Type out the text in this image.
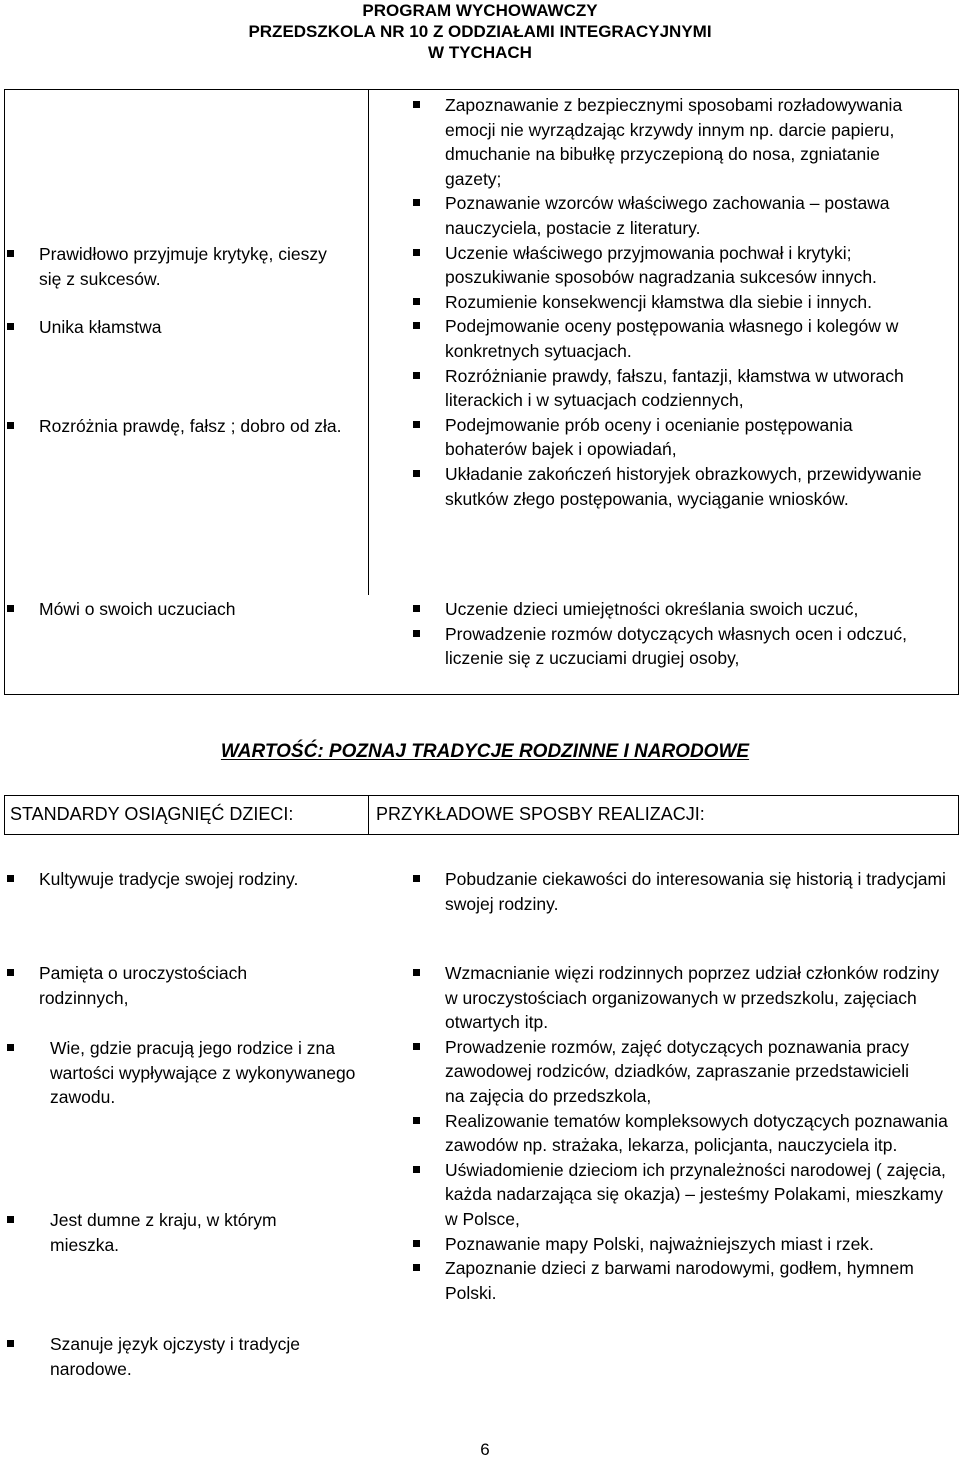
PROGRAM WYCHOWAWCZY
PRZEDSZKOLA NR 10 Z ODDZIAŁAMI INTEGRACYJNYMI
W TYCHACH
Prawidłowo przyjmuje krytykę, cieszy się z sukcesów.
Unika kłamstwa
Rozróżnia prawdę, fałsz ; dobro od zła.
Mówi o swoich uczuciach
Zapoznawanie z bezpiecznymi sposobami rozładowywania emocji nie wyrządzając krzywdy innym np. darcie papieru, dmuchanie na bibułkę przyczepioną do nosa, zgniatanie gazety;
Poznawanie wzorców właściwego zachowania – postawa nauczyciela, postacie z literatury.
Uczenie właściwego przyjmowania pochwał i krytyki; poszukiwanie sposobów nagradzania sukcesów innych.
Rozumienie konsekwencji kłamstwa dla siebie i innych.
Podejmowanie oceny postępowania własnego i kolegów w konkretnych sytuacjach.
Rozróżnianie prawdy, fałszu, fantazji, kłamstwa w utworach literackich i w sytuacjach codziennych,
Podejmowanie prób oceny i ocenianie postępowania bohaterów bajek i opowiadań,
Układanie zakończeń historyjek obrazkowych, przewidywanie skutków złego postępowania, wyciąganie wniosków.
Uczenie dzieci umiejętności określania swoich uczuć,
Prowadzenie rozmów dotyczących własnych ocen i odczuć, liczenie się z uczuciami drugiej osoby,
WARTOŚĆ: POZNAJ TRADYCJE RODZINNE I NARODOWE
STANDARDY OSIĄGNIĘĆ DZIECI:	PRZYKŁADOWE SPOSBY REALIZACJI:
Kultywuje tradycje swojej rodziny.	Pobudzanie ciekawości do interesowania się historią i tradycjami swojej rodziny.
Pamięta o uroczystościach rodzinnych,
Wie, gdzie pracują jego rodzice i zna wartości wypływające z wykonywanego zawodu.
Jest dumne z kraju, w którym mieszka.
Szanuje język ojczysty i tradycje narodowe.
Wzmacnianie więzi rodzinnych poprzez udział członków rodziny w uroczystościach organizowanych w przedszkolu, zajęciach otwartych itp.
Prowadzenie rozmów, zajęć dotyczących poznawania pracy zawodowej rodziców, dziadków, zapraszanie przedstawicieli na zajęcia do przedszkola,
Realizowanie tematów kompleksowych dotyczących poznawania zawodów np. strażaka, lekarza, policjanta, nauczyciela itp.
Uświadomienie dzieciom ich przynależności narodowej ( zajęcia, każda nadarzająca się okazja) – jesteśmy Polakami, mieszkamy w Polsce,
Poznawanie mapy Polski, najważniejszych miast i rzek.
Zapoznanie dzieci z barwami narodowymi, godłem, hymnem Polski.
6
